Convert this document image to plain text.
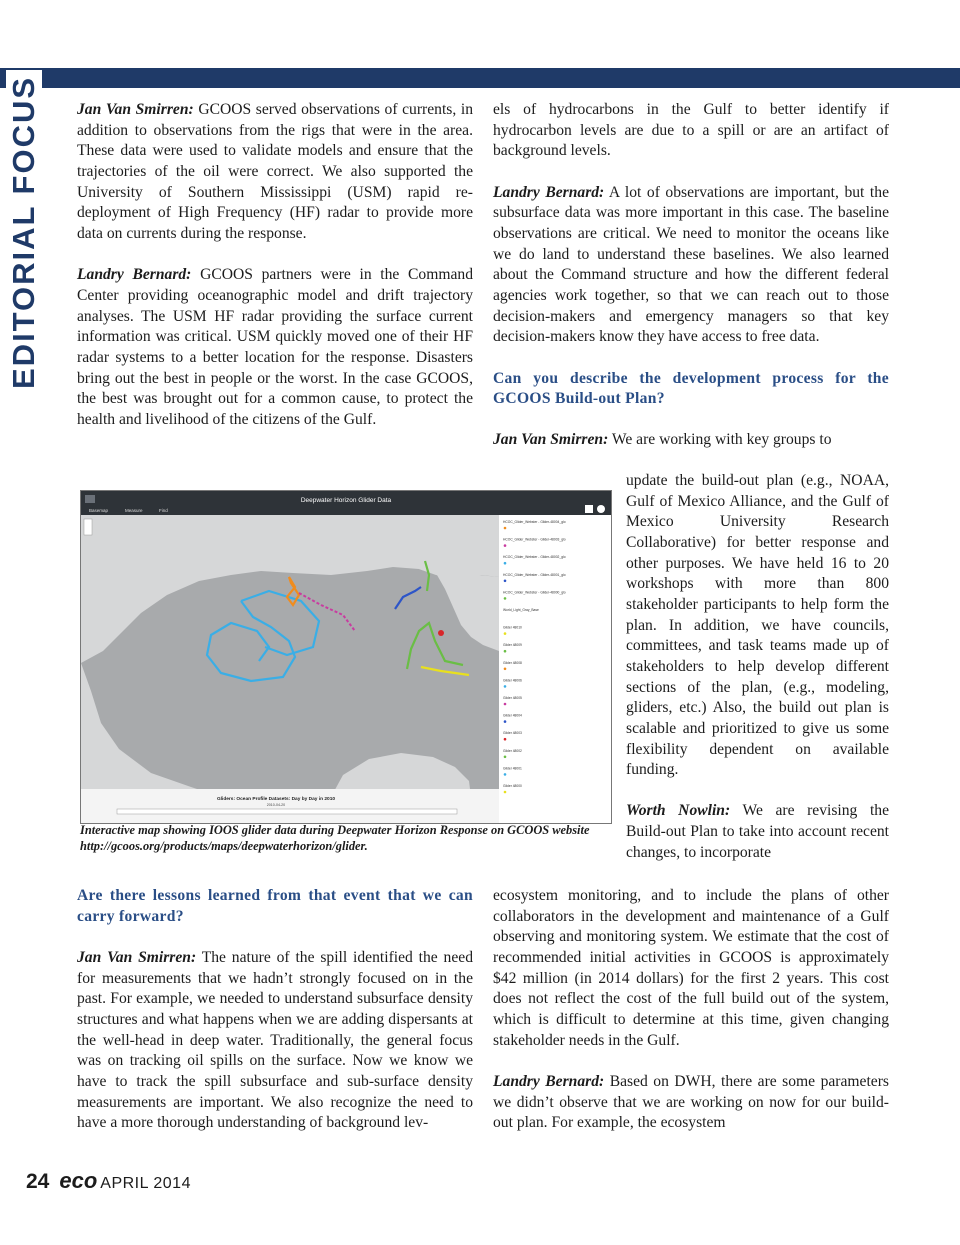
EDITORIAL FOCUS Jan Van Smirren: GCOOS served observations of currents, in addition to observations from the rigs that were in the area. These data were used to validate models and ensure that the trajectories of the oil were correct. We also supported the University of Southern Mississippi (USM) rapid re-deployment of High Frequency (HF) radar to provide more data on currents during the response.

Landry Bernard: GCOOS partners were in the Command Center providing oceanographic model and drift trajectory analyses. The USM HF radar providing the surface current information was critical. USM quickly moved one of their HF radar systems to a better location for the response. Disasters bring out the best in people or the worst. In the case GCOOS, the best was brought out for a common cause, to protect the health and livelihood of the citizens of the Gulf.

els of hydrocarbons in the Gulf to better identify if hydrocarbon levels are due to a spill or are an artifact of background levels.

Landry Bernard: A lot of observations are important, but the subsurface data was more important in this case. The baseline observations are critical. We need to monitor the oceans like we do land to understand these baselines. We also learned about the Command structure and how the different federal agencies work together, so that we can reach out to those decision-makers and emergency managers so that key decision-makers know they have access to free data.

Can you describe the development process for the GCOOS Build-out Plan?

Jan Van Smirren: We are working with key groups to

update the build-out plan (e.g., NOAA, Gulf of Mexico Alliance, and the Gulf of Mexico University Research Collaborative) for better response and other purposes. We have held 16 to 20 workshops with more than 800 stakeholder participants to help form the plan. In addition, we have councils, committees, and task teams made up of stakeholders to help develop different sections of the plan, (e.g., modeling, gliders, etc.) Also, the build out plan is scalable and prioritized to give us some flexibility dependent on available funding.

Worth Nowlin: We are revising the Build-out Plan to take into account recent changes, to incorporate

ecosystem monitoring, and to include the plans of other collaborators in the development and maintenance of a Gulf observing and monitoring system. We estimate that the cost of recommended initial activities in GCOOS is approximately $42 million (in 2014 dollars) for the first 2 years. This cost does not reflect the cost of the full build out of the system, which is difficult to determine at this time, given changing stakeholder needs in the Gulf.

Landry Bernard: Based on DWH, there are some parameters we didn’t observe that we are working on now for our build-out plan. For example, the ecosystem

Are there lessons learned from that event that we can carry forward?

Jan Van Smirren: The nature of the spill identified the need for measurements that we hadn’t strongly focused on in the past. For example, we needed to understand subsurface density structures and what happens when we are adding dispersants at the well-head in deep water. Traditionally, the general focus was on tracking oil spills on the surface. Now we know we have to track the spill subsurface and sub-surface density measurements are important. We also recognize the need to have a more thorough understanding of background lev-

Deepwater Horizon Glider Data
Basemap	Measure	Find
Gliders: Ocean Profile Datasets: Day by Day in 2010
2010-04-20
HCOC_Glider_Webster - Glider-48004_glo
HCOC_Glider_Webster - Glider-48003_glo
HCOC_Glider_Webster - Glider-48002_glo
HCOC_Glider_Webster - Glider-48001_glo
HCOC_Glider_Webster - Glider-48000_glo
World_Light_Gray_Base
Glider 48010
Glider 48009
Glider 48008
Glider 48006
Glider 48005
Glider 48004
Glider 48003
Glider 48002
Glider 48001
Glider 48000

Interactive map showing IOOS glider data during Deepwater Horizon Response on GCOOS website http://gcoos.org/products/maps/deepwaterhorizon/glider.

24 eco APRIL 2014
